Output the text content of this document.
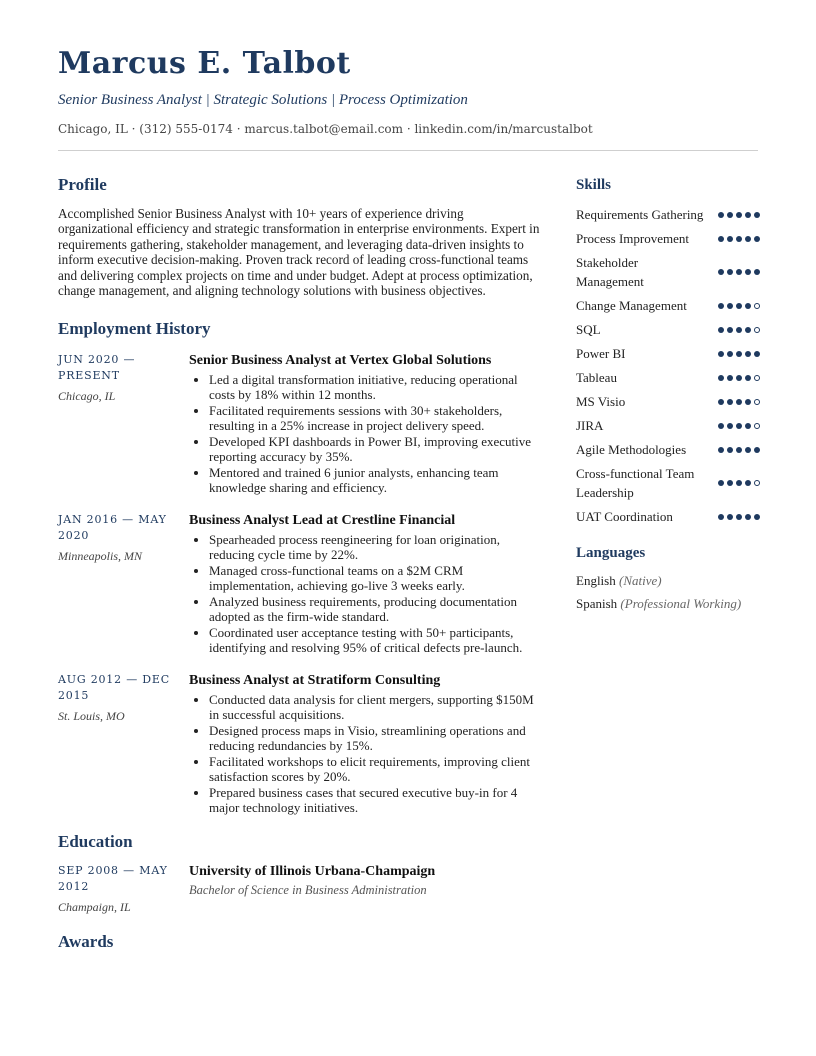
Marcus E. Talbot
Senior Business Analyst | Strategic Solutions | Process Optimization
Chicago, IL · (312) 555-0174 · marcus.talbot@email.com · linkedin.com/in/marcustalbot
Profile
Accomplished Senior Business Analyst with 10+ years of experience driving organizational efficiency and strategic transformation in enterprise environments. Expert in requirements gathering, stakeholder management, and leveraging data-driven insights to inform executive decision-making. Proven track record of leading cross-functional teams and delivering complex projects on time and under budget. Adept at process optimization, change management, and aligning technology solutions with business objectives.
Employment History
JUN 2020 — PRESENT
Chicago, IL
Senior Business Analyst at Vertex Global Solutions
• Led a digital transformation initiative, reducing operational costs by 18% within 12 months.
• Facilitated requirements sessions with 30+ stakeholders, resulting in a 25% increase in project delivery speed.
• Developed KPI dashboards in Power BI, improving executive reporting accuracy by 35%.
• Mentored and trained 6 junior analysts, enhancing team knowledge sharing and efficiency.
JAN 2016 — MAY 2020
Minneapolis, MN
Business Analyst Lead at Crestline Financial
• Spearheaded process reengineering for loan origination, reducing cycle time by 22%.
• Managed cross-functional teams on a $2M CRM implementation, achieving go-live 3 weeks early.
• Analyzed business requirements, producing documentation adopted as the firm-wide standard.
• Coordinated user acceptance testing with 50+ participants, identifying and resolving 95% of critical defects pre-launch.
AUG 2012 — DEC 2015
St. Louis, MO
Business Analyst at Stratiform Consulting
• Conducted data analysis for client mergers, supporting $150M in successful acquisitions.
• Designed process maps in Visio, streamlining operations and reducing redundancies by 15%.
• Facilitated workshops to elicit requirements, improving client satisfaction scores by 20%.
• Prepared business cases that secured executive buy-in for 4 major technology initiatives.
Education
SEP 2008 — MAY 2012
Champaign, IL
University of Illinois Urbana-Champaign
Bachelor of Science in Business Administration
Awards
Skills
Requirements Gathering
Process Improvement
Stakeholder Management
Change Management
SQL
Power BI
Tableau
MS Visio
JIRA
Agile Methodologies
Cross-functional Team Leadership
UAT Coordination
Languages
English (Native)
Spanish (Professional Working)
